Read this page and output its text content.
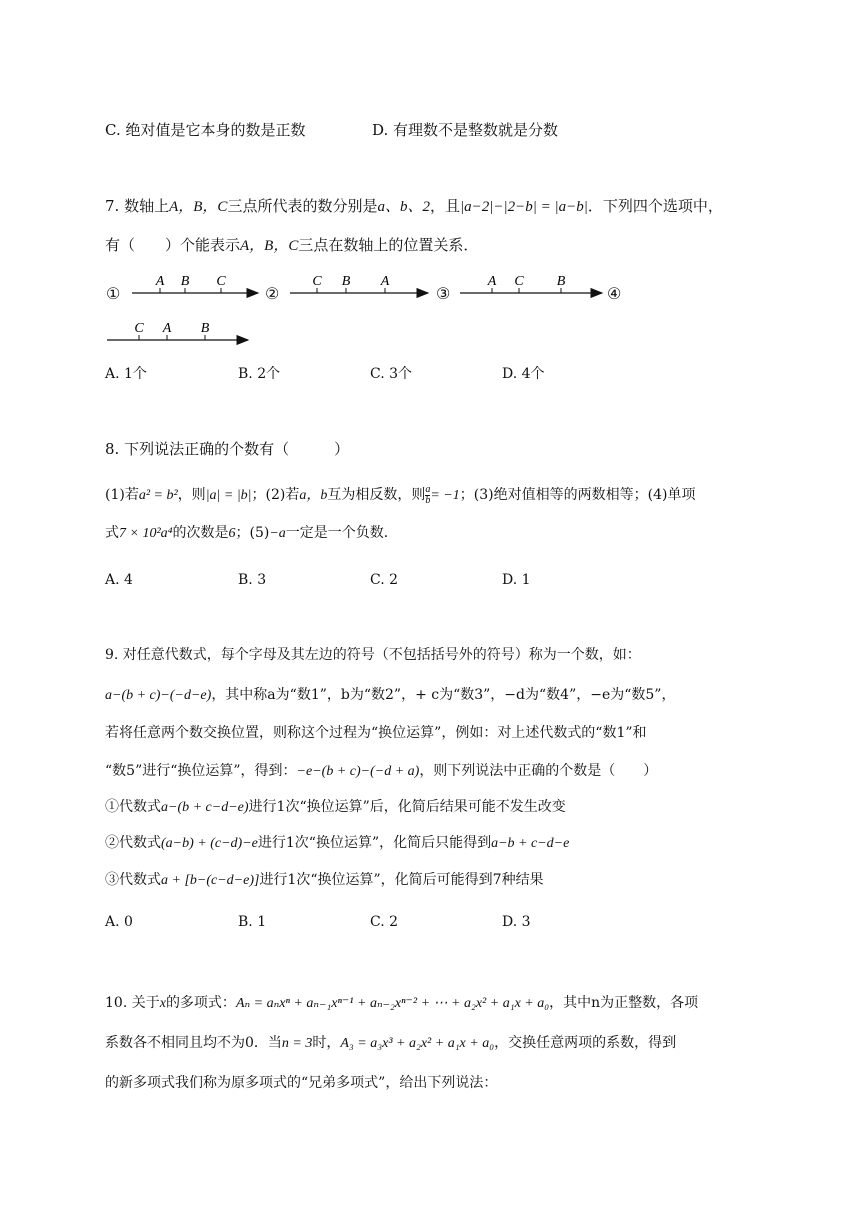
C. 绝对值是它本身的数是正数	D. 有理数不是整数就是分数
7. 数轴上A，B，C三点所代表的数分别是a、b、2，且|a−2|−|2−b| = |a−b|．下列四个选项中，
有（　　）个能表示A，B，C三点在数轴上的位置关系．
①	②	③	④
A B C	C B A	A C B
C A B
A. 1个	B. 2个	C. 3个	D. 4个
8. 下列说法正确的个数有（　　　）
(1)若a² = b²，则|a| = |b|；(2)若a，b互为相反数，则 $\frac{a}{b} = -1$；(3)绝对值相等的两数相等；(4)单项
式7 × 10²a⁴的次数是6；(5)−a一定是一个负数．
A. 4	B. 3	C. 2	D. 1
9. 对任意代数式，每个字母及其左边的符号（不包括括号外的符号）称为一个数，如：
a−(b + c)−(−d−e)，其中称a为“数1”，b为“数2”，+ c为“数3”，−d为“数4”，−e为“数5”，
若将任意两个数交换位置，则称这个过程为“换位运算”，例如：对上述代数式的“数1”和
“数5”进行“换位运算”，得到：−e−(b + c)−(−d + a)，则下列说法中正确的个数是（　　）
①代数式a−(b + c−d−e)进行1次“换位运算”后，化简后结果可能不发生改变
②代数式(a−b) + (c−d)−e进行1次“换位运算”，化简后只能得到a−b + c−d−e
③代数式a + [b−(c−d−e)]进行1次“换位运算”，化简后可能得到7种结果
A. 0	B. 1	C. 2	D. 3
10. 关于x的多项式：Aₙ = aₙxⁿ + aₙ₋₁xⁿ⁻¹ + aₙ₋₂xⁿ⁻² + ⋯ + a₂x² + a₁x + a₀，其中n为正整数，各项
系数各不相同且均不为0．当n = 3时，A₃ = a₃x³ + a₂x² + a₁x + a₀，交换任意两项的系数，得到
的新多项式我们称为原多项式的“兄弟多项式”，给出下列说法：
